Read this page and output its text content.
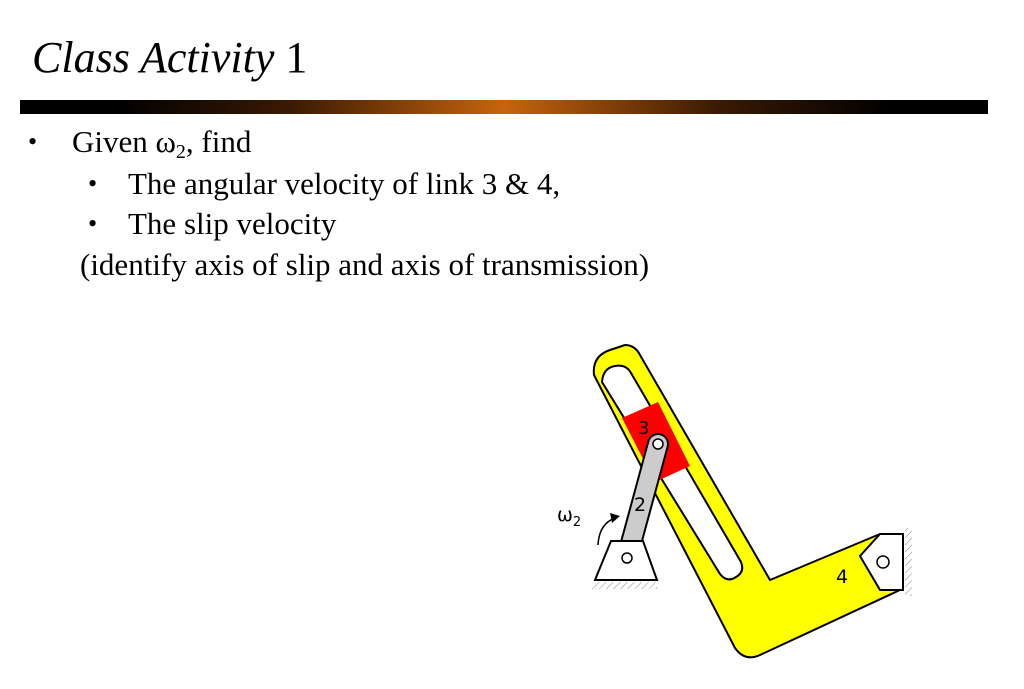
Class Activity 1
• Given $\omega_2$, find
• The angular velocity of link 3 & 4,
• The slip velocity
(identify axis of slip and axis of transmission)
3
2
$\omega_2$
4
